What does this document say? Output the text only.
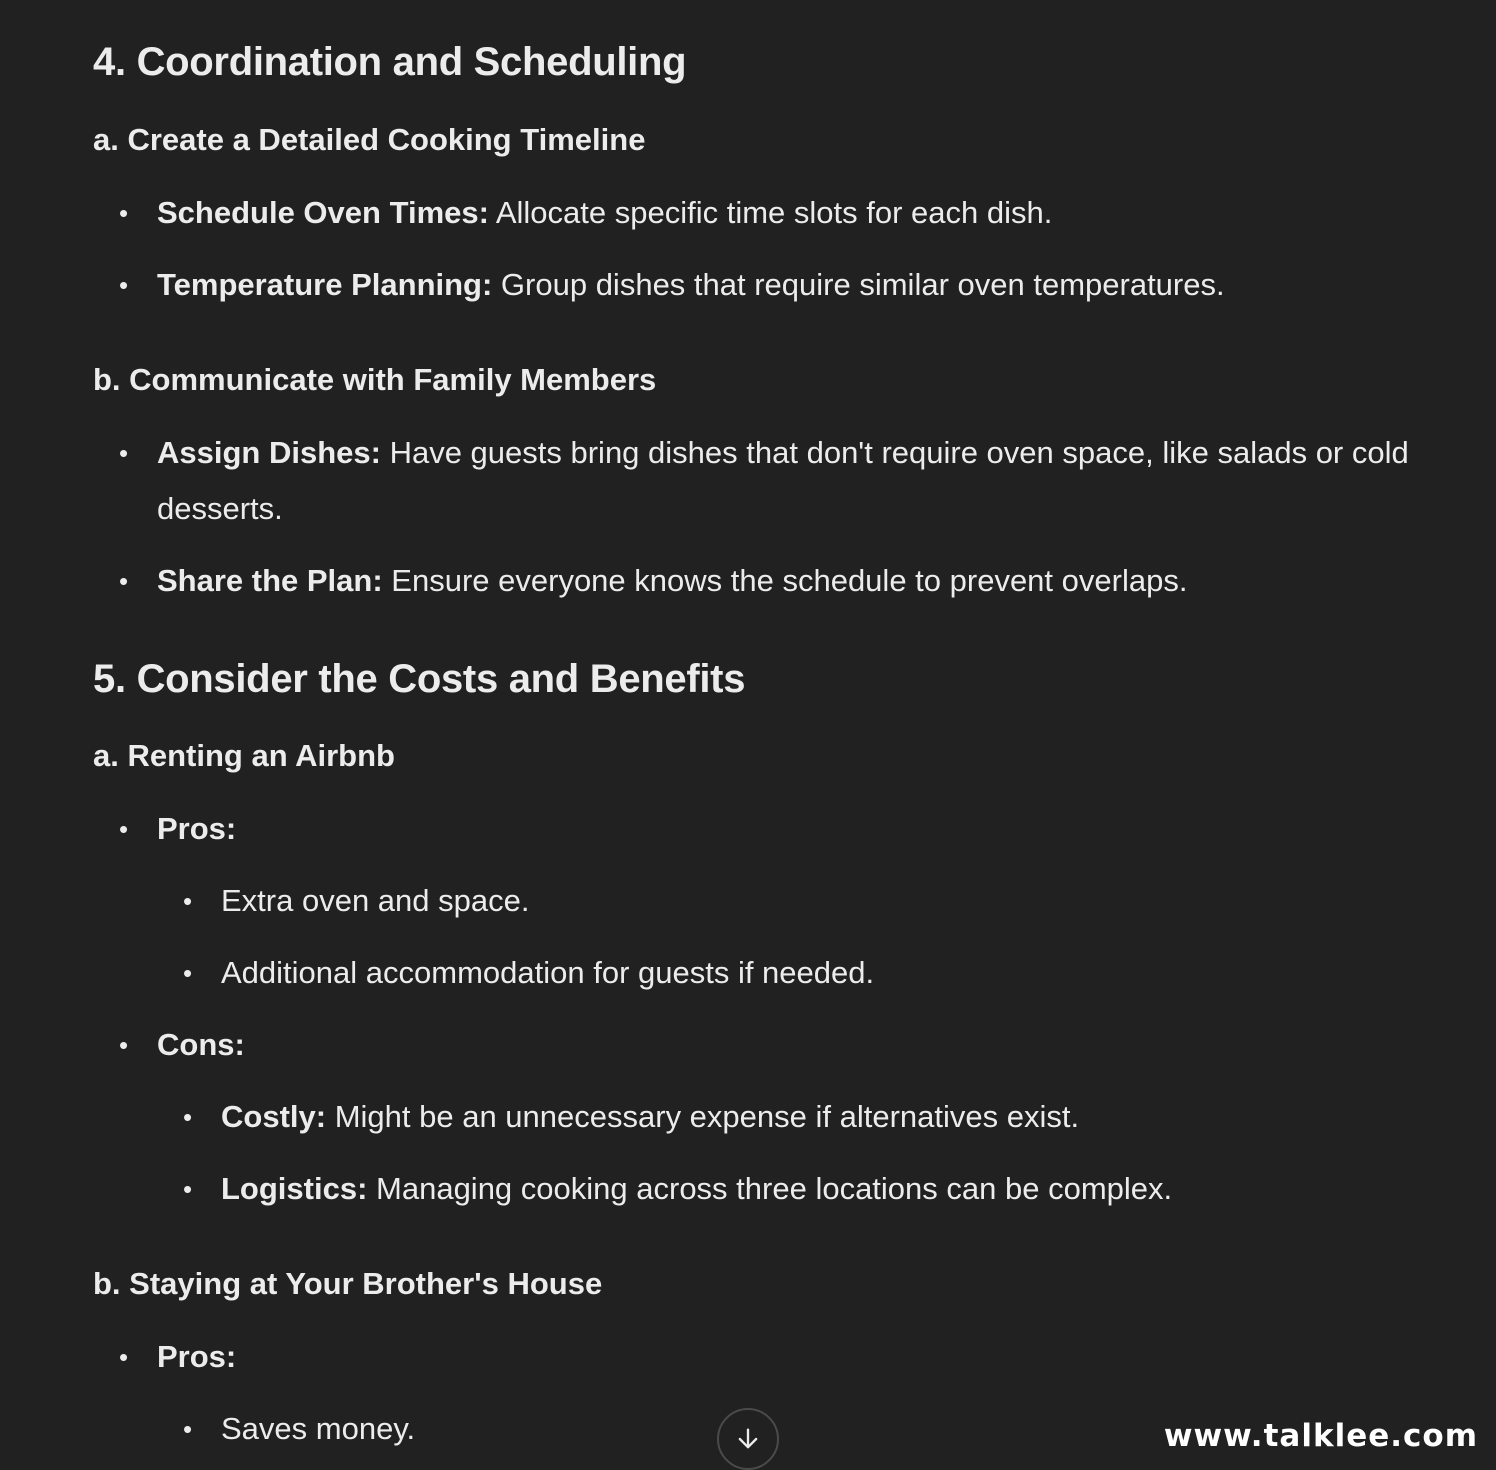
4. Coordination and Scheduling
a. Create a Detailed Cooking Timeline
• Schedule Oven Times: Allocate specific time slots for each dish.
• Temperature Planning: Group dishes that require similar oven temperatures.
b. Communicate with Family Members
• Assign Dishes: Have guests bring dishes that don't require oven space, like salads or cold desserts.
• Share the Plan: Ensure everyone knows the schedule to prevent overlaps.
5. Consider the Costs and Benefits
a. Renting an Airbnb
• Pros:
• Extra oven and space.
• Additional accommodation for guests if needed.
• Cons:
• Costly: Might be an unnecessary expense if alternatives exist.
• Logistics: Managing cooking across three locations can be complex.
b. Staying at Your Brother's House
• Pros:
• Saves money.	www.talklee.com
